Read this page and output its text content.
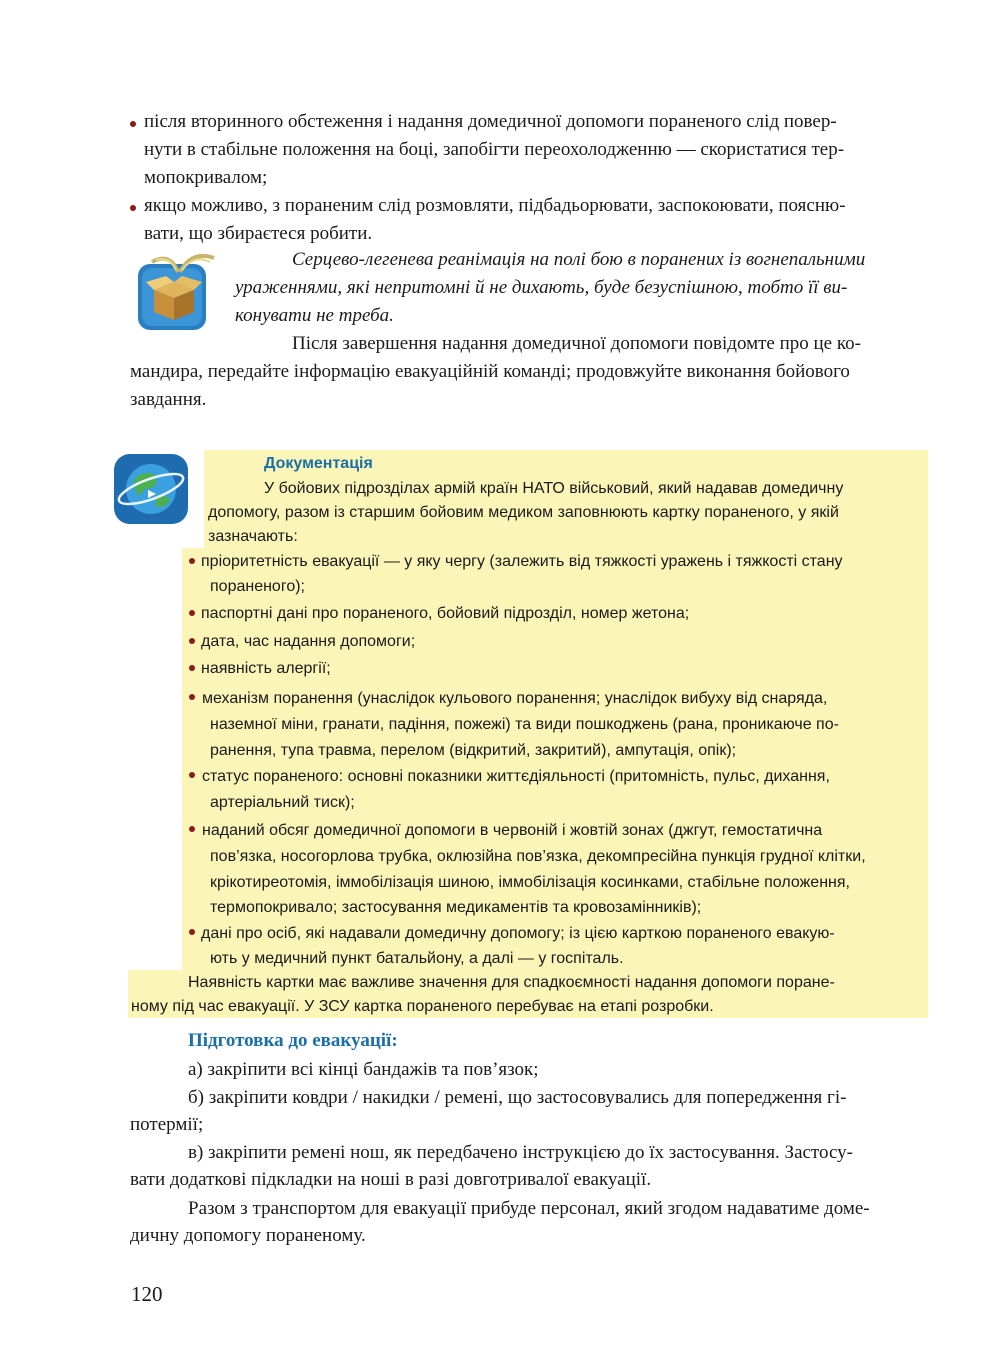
після вторинного обстеження і надання домедичної допомоги пораненого слід повер-
нути в стабільне положення на боці, запобігти переохолодженню — скористатися тер-
мопокривалом;
якщо можливо, з пораненим слід розмовляти, підбадьорювати, заспокоювати, поясню-
вати, що збираєтеся робити.
Серцево-легенева реанімація на полі бою в поранених із вогнепальними
ураженнями, які непритомні й не дихають, буде безуспішною, тобто її ви-
конувати не треба.
Після завершення надання домедичної допомоги повідомте про це ко-
мандира, передайте інформацію евакуаційній команді; продовжуйте виконання бойового
завдання.
Документація
У бойових підрозділах армій країн НАТО військовий, який надавав домедичну
допомогу, разом із старшим бойовим медиком заповнюють картку пораненого, у якій
зазначають:
пріоритетність евакуації — у яку чергу (залежить від тяжкості уражень і тяжкості стану
пораненого);
паспортні дані про пораненого, бойовий підрозділ, номер жетона;
дата, час надання допомоги;
наявність алергії;
механізм поранення (унаслідок кульового поранення; унаслідок вибуху від снаряда,
наземної міни, гранати, падіння, пожежі) та види пошкоджень (рана, проникаюче по-
ранення, тупа травма, перелом (відкритий, закритий), ампутація, опік);
статус пораненого: основні показники життєдіяльності (притомність, пульс, дихання,
артеріальний тиск);
наданий обсяг домедичної допомоги в червоній і жовтій зонах (джгут, гемостатична
пов’язка, носогорлова трубка, оклюзійна пов’язка, декомпресійна пункція грудної клітки,
крікотиреотомія, іммобілізація шиною, іммобілізація косинками, стабільне положення,
термопокривало; застосування медикаментів та кровозамінників);
дані про осіб, які надавали домедичну допомогу; із цією карткою пораненого евакую-
ють у медичний пункт батальйону, а далі — у госпіталь.
Наявність картки має важливе значення для спадкоємності надання допомоги поране-
ному під час евакуації. У ЗСУ картка пораненого перебуває на етапі розробки.
Підготовка до евакуації:
а) закріпити всі кінці бандажів та пов’язок;
б) закріпити ковдри / накидки / ремені, що застосовувались для попередження гі-
потермії;
в) закріпити ремені нош, як передбачено інструкцією до їх застосування. Застосу-
вати додаткові підкладки на ноші в разі довготривалої евакуації.
Разом з транспортом для евакуації прибуде персонал, який згодом надаватиме доме-
дичну допомогу пораненому.
120
